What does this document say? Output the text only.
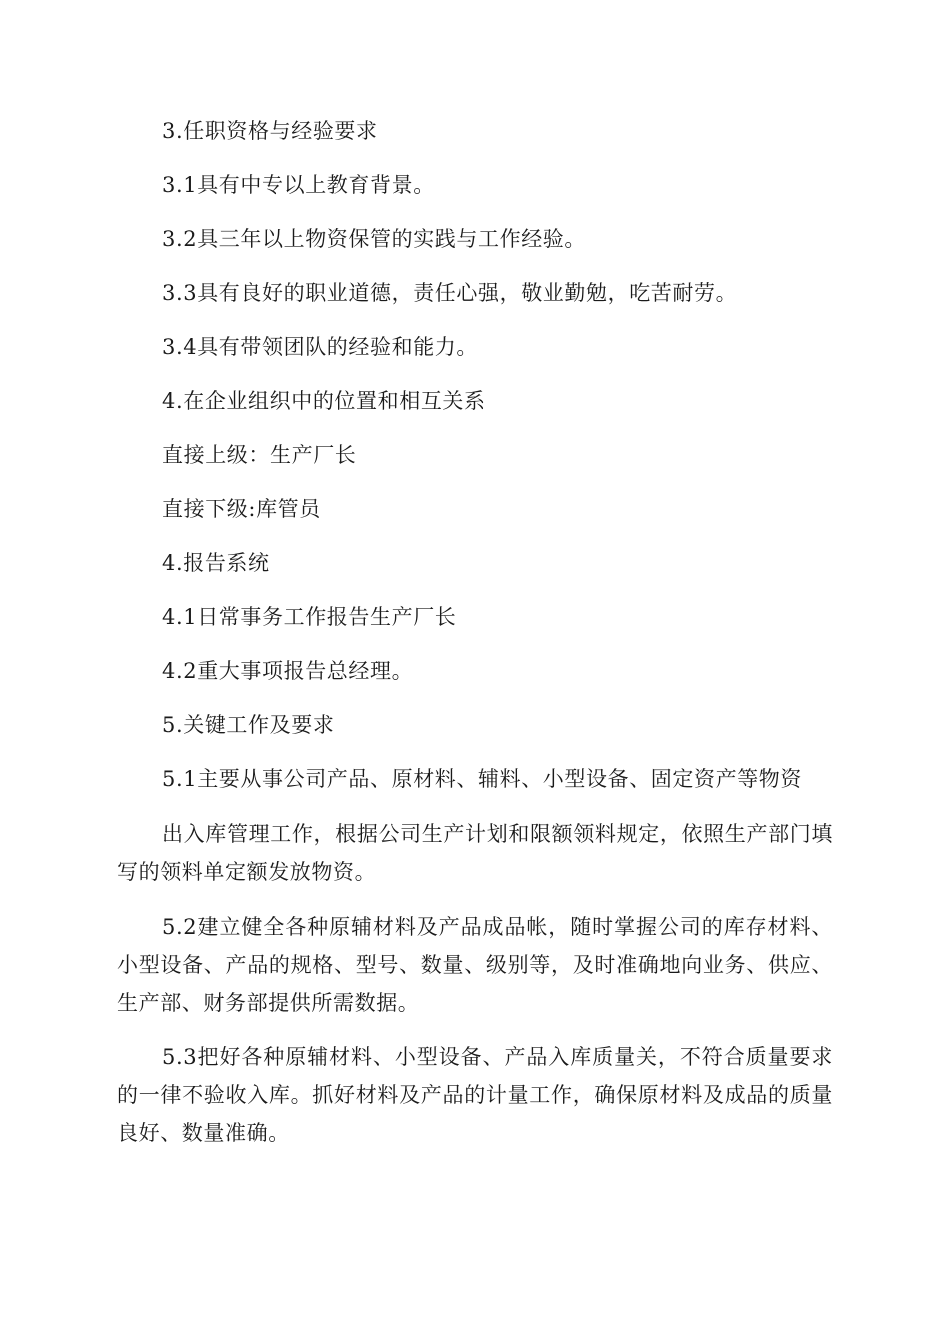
3.任职资格与经验要求
3.1具有中专以上教育背景。
3.2具三年以上物资保管的实践与工作经验。
3.3具有良好的职业道德，责任心强，敬业勤勉，吃苦耐劳。
3.4具有带领团队的经验和能力。
4.在企业组织中的位置和相互关系
直接上级：生产厂长
直接下级:库管员
4.报告系统
4.1日常事务工作报告生产厂长
4.2重大事项报告总经理。
5.关键工作及要求
5.1主要从事公司产品、原材料、辅料、小型设备、固定资产等物资
出入库管理工作，根据公司生产计划和限额领料规定，依照生产部门填写的领料单定额发放物资。
5.2建立健全各种原辅材料及产品成品帐，随时掌握公司的库存材料、小型设备、产品的规格、型号、数量、级别等，及时准确地向业务、供应、生产部、财务部提供所需数据。
5.3把好各种原辅材料、小型设备、产品入库质量关，不符合质量要求的一律不验收入库。抓好材料及产品的计量工作，确保原材料及成品的质量良好、数量准确。
